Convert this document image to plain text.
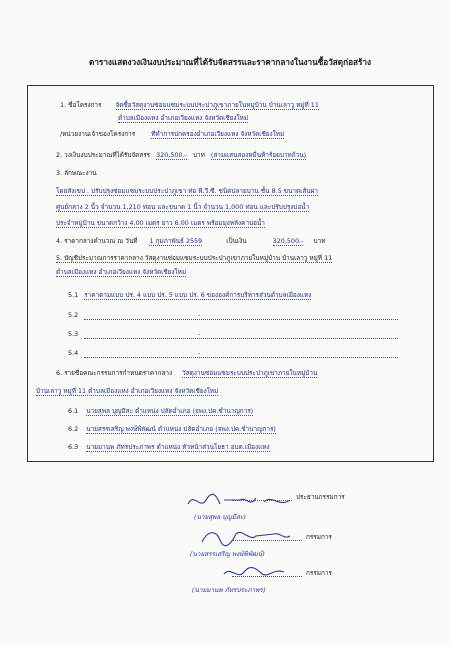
ตารางแสดงวงเงินงบประมาณที่ได้รับจัดสรรและราคากลางในงานซื้อวัสดุก่อสร้าง
1. ชื่อโครงการ จัดซื้อวัสดุงานซ่อมแซมระบบประปาภูเขาภายในหมู่บ้าน บ้านเลาวู หมู่ที่ 11
ตำบลเมืองแหง อำเภอเวียงแหง จังหวัดเชียงใหม่
/หน่วยงานเจ้าของโครงการ	ที่ทำการปกครองอำเภอเวียงแหง จังหวัดเชียงใหม่
2. วงเงินงบประมาณที่ได้รับจัดสรร 320,500.- บาท (สามแสนสองหมื่นห้าร้อยบาทถ้วน)
3. ลักษณะงาน
โดยสังเขป . ปรับปรุงซ่อมแซมระบบประปาภูเขา ท่อ พี.วี.ซี. ชนิดปลายบาน ชั้น 8.5 ขนาดเส้นผ่า
ศูนย์กลาง 2 นิ้ว จำนวน 1,210 ท่อน และขนาด 1 นิ้ว จำนวน 1,000 ท่อน และปรับปรุงบ่อน้ำ
ประจำหมู่บ้าน ขนาดกว้าง 4.00 เมตร ยาว 6.00 เมตร พร้อมมุงหลังคาบ่อน้ำ
4. ราคากลางคำนวณ ณ วันที่ 1 กุมภาพันธ์ 2559	เป็นเงิน	320,500.- บาท
5. บัญชีประมาณการราคากลาง วัสดุงานซ่อมแซมระบบประปาภูเขาภายในหมู่บ้าน บ้านเลาวู หมู่ที่ 11
ตำบลเมืองแหง อำเภอเวียงแหง จังหวัดเชียงใหม่
5.1 ราคาตามแบบ ปร. 4 แบบ ปร. 5 แบบ ปร. 6 ขององค์การบริหารส่วนตำบลเมืองแหง
5.2	-
5.3	-
5.4	-
6. รายชื่อคณะกรรมการกำหนดราคากลาง วัสดุงานซ่อมแซมระบบประปาภูเขาภายในหมู่บ้าน
บ้านเลาวู หมู่ที่ 11 ตำบลเมืองแหง อำเภอเวียงแหง จังหวัดเชียงใหม่
6.1 นายสุพล บุญมีสะ ตำแหน่ง ปลัดอำเภอ (จพง.ปค.ชำนาญการ)
6.2 นายสรรเสริญ พงษ์พิพัฒน์ ตำแหน่ง ปลัดอำเภอ (จพง.ปค.ชำนาญการ)
6.3 นายมานพ ภัทรประภาพร ตำแหน่ง หัวหน้าส่วนโยธา อบต.เมืองแหง
ประธานกรรมการ
(นายสุพล บุญมีสะ)
กรรมการ
(นายสรรเสริญ พงษ์พิพัฒน์)
กรรมการ
(นายมานพ ภัทรประภาพร)
